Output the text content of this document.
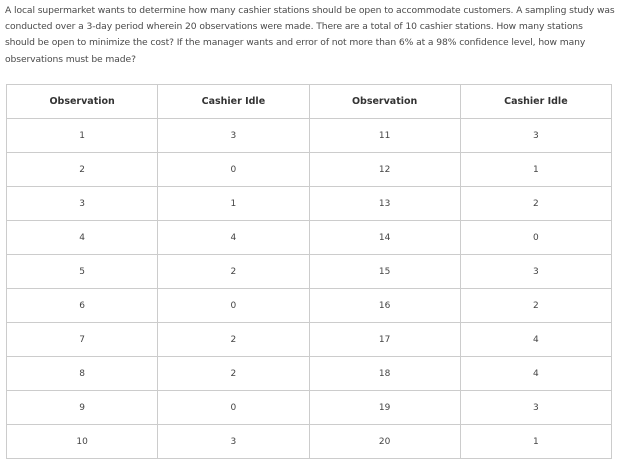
A local supermarket wants to determine how many cashier stations should be open to accommodate customers. A sampling study was conducted over a 3-day period wherein 20 observations were made. There are a total of 10 cashier stations. How many stations should be open to minimize the cost? If the manager wants and error of not more than 6% at a 98% confidence level, how many observations must be made?

Observation	Cashier Idle	Observation	Cashier Idle
1	3	11	3
2	0	12	1
3	1	13	2
4	4	14	0
5	2	15	3
6	0	16	2
7	2	17	4
8	2	18	4
9	0	19	3
10	3	20	1
